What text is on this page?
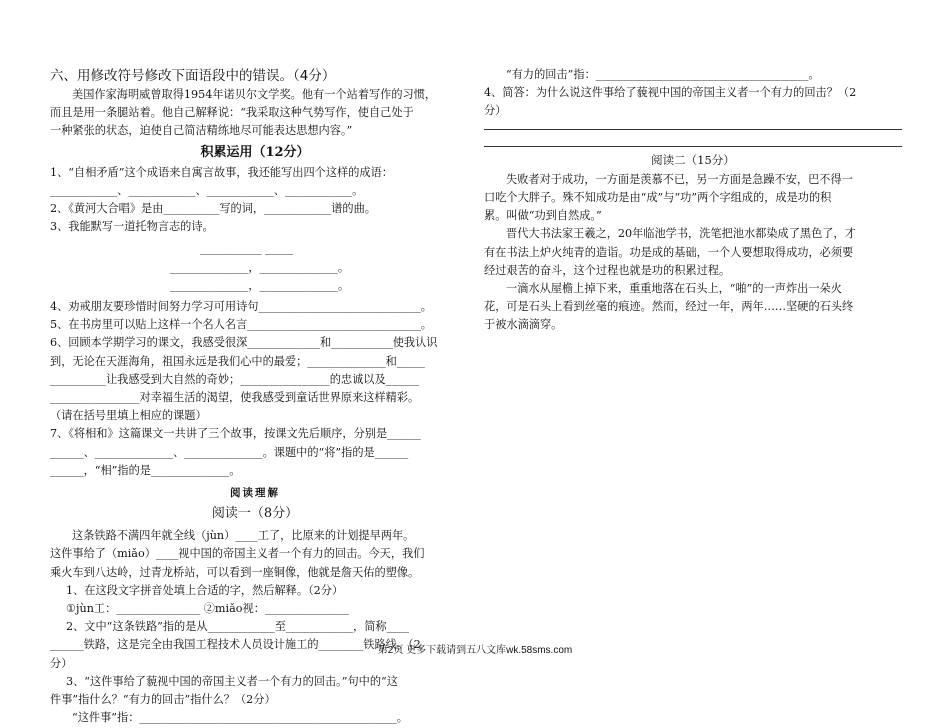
六、用修改符号修改下面语段中的错误。（4分）
美国作家海明威曾取得1954年诺贝尔文学奖。他有一个站着写作的习惯，
而且是用一条腿站着。他自己解释说：“我采取这种气势写作，使自己处于
一种紧张的状态，迫使自己简洁精练地尽可能表达思想内容。”
积累运用（12分）
1、“自相矛盾”这个成语来自寓言故事，我还能写出四个这样的成语：
____________、____________、____________、____________。
2、《黄河大合唱》是由__________写的词，____________谱的曲。
3、我能默写一道托物言志的诗。
___________ _____
______________，______________。
______________，______________。
4、劝戒朋友要珍惜时间努力学习可用诗句_____________________________。
5、在书房里可以贴上这样一个名人名言_______________________________。
6、回顾本学期学习的课文，我感受很深_____________和___________使我认识
到，无论在天涯海角，祖国永远是我们心中的最爱；______________和_____
__________让我感受到大自然的奇妙；________________的忠诚以及______
________________对幸福生活的渴望，使我感受到童话世界原来这样精彩。
（请在括号里填上相应的课题）
7、《将相和》这篇课文一共讲了三个故事，按课文先后顺序，分别是______
______、______________、______________。课题中的“将”指的是______
______，“相”指的是______________。
阅读理解
阅读一（8分）
这条铁路不满四年就全线（jùn）____工了，比原来的计划提早两年。
这件事给了（miǎo）____视中国的帝国主义者一个有力的回击。今天，我们
乘火车到八达岭，过青龙桥站，可以看到一座铜像，他就是詹天佑的塑像。
1、在这段文字拼音处填上合适的字，然后解释。（2分）
①jùn工：_______________ ②miǎo视：_______________
2、文中“这条铁路”指的是从____________至____________，简称____
______铁路，这是完全由我国工程技术人员设计施工的________铁路线。（2
分）
3、“这件事给了藐视中国的帝国主义者一个有力的回击。”句中的“这
件事”指什么？“有力的回击”指什么？（2分）
“这件事”指：______________________________________________。
“有力的回击”指：______________________________________。
4、简答：为什么说这件事给了藐视中国的帝国主义者一个有力的回击？（2
分）
阅读二（15分）
失败者对于成功，一方面是羡慕不已，另一方面是急躁不安，巴不得一
口吃个大胖子。殊不知成功是由“成”与“功”两个字组成的，成是功的积
累。叫做“功到自然成。”
晋代大书法家王羲之，20年临池学书，洗笔把池水都染成了黑色了，才
有在书法上炉火纯青的造诣。功是成的基础，一个人要想取得成功，必须要
经过艰苦的奋斗，这个过程也就是功的积累过程。
一滴水从屋檐上掉下来，重重地落在石头上，“啪”的一声炸出一朵火
花，可是石头上看到丝毫的痕迹。然而，经过一年，两年……坚硬的石头终
于被水滴滴穿。
第2页 更多下载请到五八文库wk.58sms.com
